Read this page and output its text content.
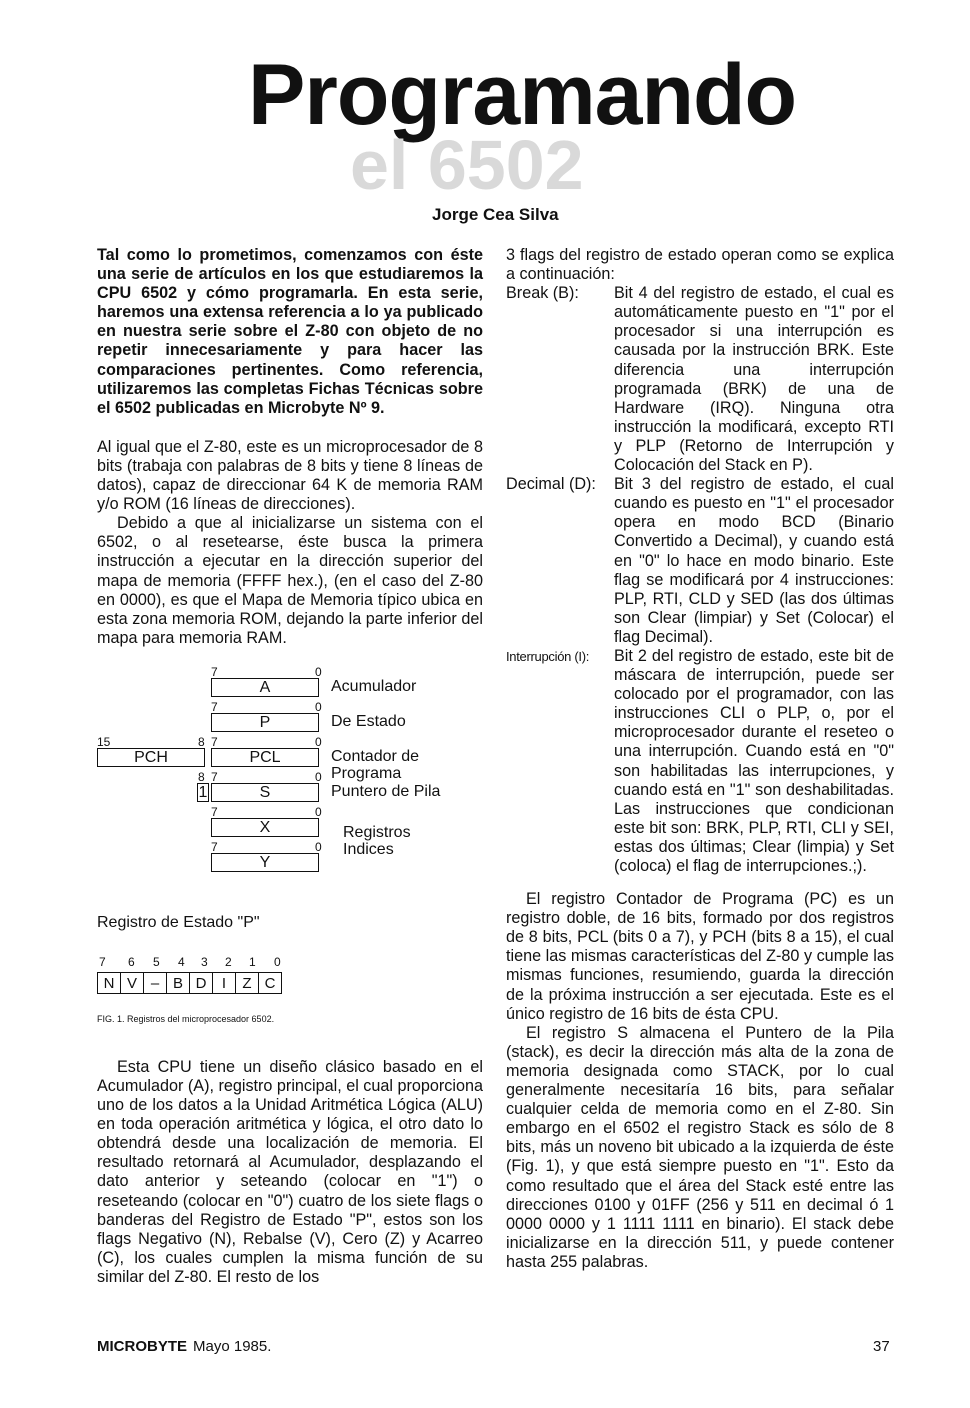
Programando
el 6502
Jorge Cea Silva

Tal como lo prometimos, comenzamos con éste una serie de artículos en los que estudiaremos la CPU 6502 y cómo programarla. En esta serie, haremos una extensa referencia a lo ya publicado en nuestra serie sobre el Z-80 con objeto de no repetir innecesariamente y para hacer las comparaciones pertinentes. Como referencia, utilizaremos las completas Fichas Técnicas sobre el 6502 publicadas en Microbyte Nº 9.

Al igual que el Z-80, este es un microprocesador de 8 bits (trabaja con palabras de 8 bits y tiene 8 líneas de datos), capaz de direccionar 64 K de memoria RAM y/o ROM (16 líneas de direcciones).

Debido a que al inicializarse un sistema con el 6502, o al resetearse, éste busca la primera instrucción a ejecutar en la dirección superior del mapa de memoria (FFFF hex.), (en el caso del Z-80 en 0000), es que el Mapa de Memoria típico ubica en esta zona memoria ROM, dejando la parte inferior del mapa para memoria RAM.

7	0
A	Acumulador
7	0
P	De Estado
15	8 7	0
PCH	PCL	Contador de
Programa
8 7	0
1	S	Puntero de Pila
7	0
X
7	0
Y
Registros
Indices
Registro de Estado "P"
7 6 5 4 3 2 1 0
N V – B D	I	Z C
FIG. 1. Registros del microprocesador 6502.

Esta CPU tiene un diseño clásico basado en el Acumulador (A), registro principal, el cual proporciona uno de los datos a la Unidad Aritmética Lógica (ALU) en toda operación aritmética y lógica, el otro dato lo obtendrá desde una localización de memoria. El resultado retornará al Acumulador, desplazando el dato anterior y seteando (colocar en "1") o reseteando (colocar en "0") cuatro de los siete flags o banderas del Registro de Estado "P", estos son los flags Negativo (N), Rebalse (V), Cero (Z) y Acarreo (C), los cuales cumplen la misma función de su similar del Z-80. El resto de los

3 flags del registro de estado operan como se explica a continuación:

Break (B):	Bit 4 del registro de estado, el cual es automáticamente puesto en "1" por el procesador si una interrupción es causada por la instrucción BRK. Este diferencia una interrupción programada (BRK) de una de Hardware (IRQ). Ninguna otra instrucción la modificará, excepto RTI y PLP (Retorno de Interrupción y Colocación del Stack en P).
Decimal (D):	Bit 3 del registro de estado, el cual cuando es puesto en "1" el procesador opera en modo BCD (Binario Convertido a Decimal), y cuando está en "0" lo hace en modo binario. Este flag se modificará por 4 instrucciones: PLP, RTI, CLD y SED (las dos últimas son Clear (limpiar) y Set (Colocar) el flag Decimal).
Interrupción (I):	Bit 2 del registro de estado, este bit de máscara de interrupción, puede ser colocado por el programador, con las instrucciones CLI o PLP, o, por el microprocesador durante el reseteo o una interrupción. Cuando está en "0" son habilitadas las interrupciones, y cuando está en "1" son deshabilitadas. Las instrucciones que condicionan este bit son: BRK, PLP, RTI, CLI y SEI, estas dos últimas; Clear (limpia) y Set (coloca) el flag de interrupciones.;).

El registro Contador de Programa (PC) es un registro doble, de 16 bits, formado por dos registros de 8 bits, PCL (bits 0 a 7), y PCH (bits 8 a 15), el cual tiene las mismas características del Z-80 y cumple las mismas funciones, resumiendo, guarda la dirección de la próxima instrucción a ser ejecutada. Este es el único registro de 16 bits de ésta CPU.

El registro S almacena el Puntero de la Pila (stack), es decir la dirección más alta de la zona de memoria designada como STACK, por lo cual generalmente necesitaría 16 bits, para señalar cualquier celda de memoria como en el Z-80. Sin embargo en el 6502 el registro Stack es sólo de 8 bits, más un noveno bit ubicado a la izquierda de éste (Fig. 1), y que está siempre puesto en "1". Esto da como resultado que el área del Stack esté entre las direcciones 0100 y 01FF (256 y 511 en decimal ó 1 0000 0000 y 1 1111 1111 en binario). El stack debe inicializarse en la dirección 511, y puede contener hasta 255 palabras.

MICROBYTE Mayo 1985.	37
